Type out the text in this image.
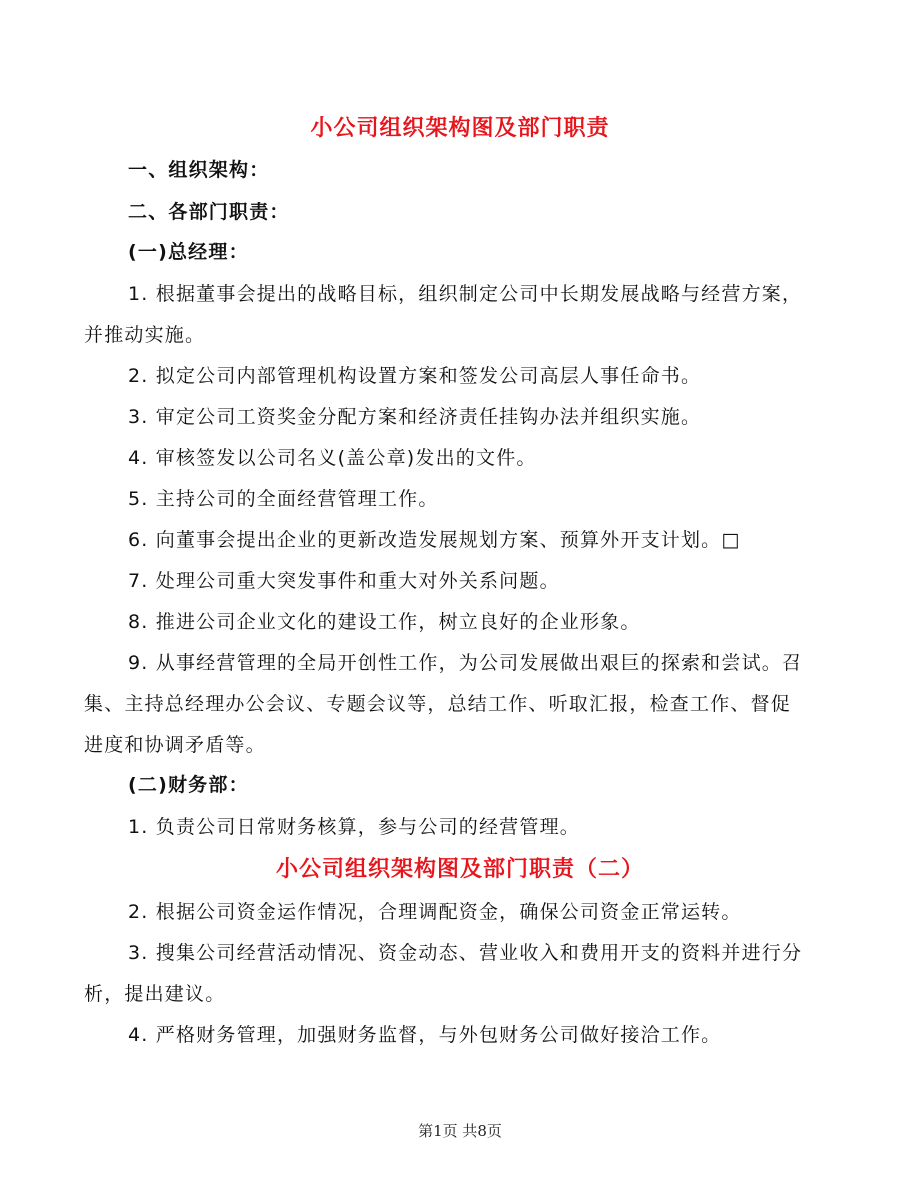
小公司组织架构图及部门职责

一、组织架构：

二、各部门职责：

(一)总经理：

1. 根据董事会提出的战略目标，组织制定公司中长期发展战略与经营方案，

并推动实施。

2. 拟定公司内部管理机构设置方案和签发公司高层人事任命书。

3. 审定公司工资奖金分配方案和经济责任挂钩办法并组织实施。

4. 审核签发以公司名义(盖公章)发出的文件。

5. 主持公司的全面经营管理工作。

6. 向董事会提出企业的更新改造发展规划方案、预算外开支计划。□

7. 处理公司重大突发事件和重大对外关系问题。

8. 推进公司企业文化的建设工作，树立良好的企业形象。

9. 从事经营管理的全局开创性工作，为公司发展做出艰巨的探索和尝试。召

集、主持总经理办公会议、专题会议等，总结工作、听取汇报，检查工作、督促

进度和协调矛盾等。

(二)财务部：

1. 负责公司日常财务核算，参与公司的经营管理。

小公司组织架构图及部门职责（二）

2. 根据公司资金运作情况，合理调配资金，确保公司资金正常运转。

3. 搜集公司经营活动情况、资金动态、营业收入和费用开支的资料并进行分

析，提出建议。

4. 严格财务管理，加强财务监督，与外包财务公司做好接洽工作。

第1页 共8页
